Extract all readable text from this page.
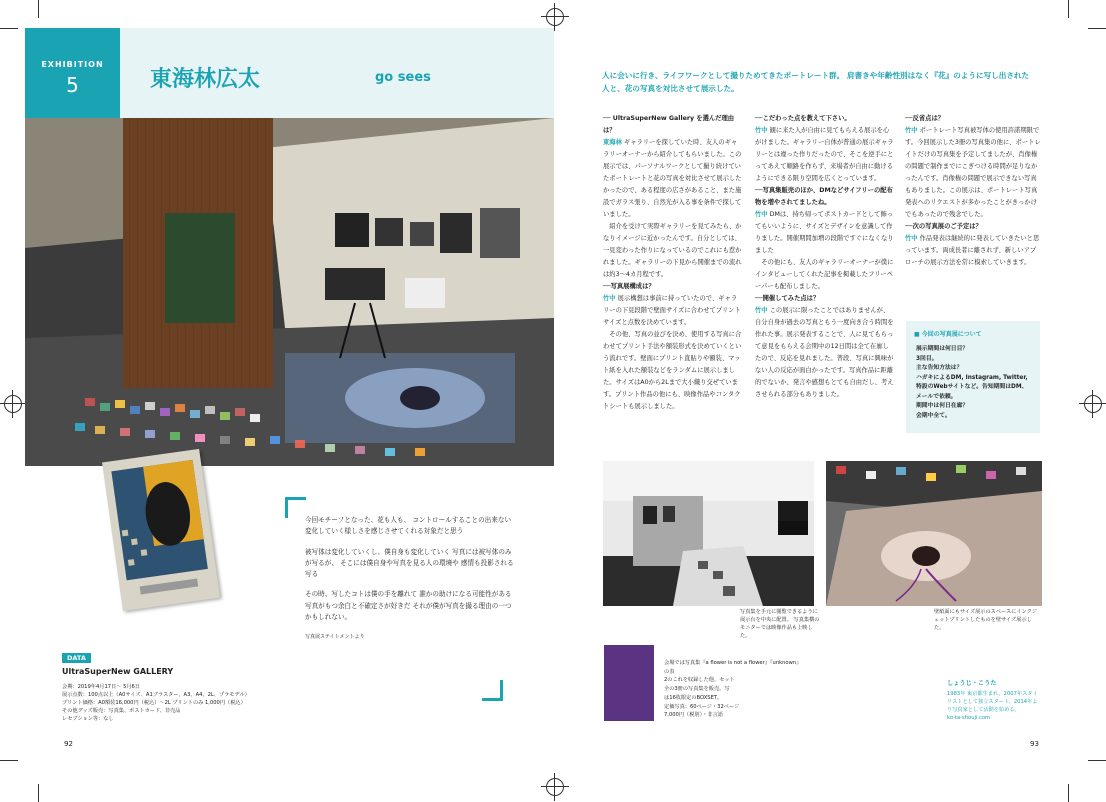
EXHIBITION
5	東海林広太	go sees

今回モチーフとなった、花も人も、 コントロールすることの出来ない 変化していく様しさを感じさせてくれる対象だと思う

被写体は変化していくし、僕自身も変化していく 写真には被写体のみが写るが、 そこには僕自身や写真を見る人の環境や 感情も投影される写る

その時、写したコトは僕の手を離れて 誰かの助けになる可能性がある 写真がもつ余白と不確定さが好きだ それが僕が写真を撮る理由の一つかもしれない。

写真展ステイトメントより

DATA
UltraSuperNew GALLERY
会期：2019年4月17日〜 5月6日
展示点数：100点以上（A0サイズ、A1ブラスター、A3、A4、2L、プラモデル）
プリント価格：A0額装16,000円（税込）〜2L プリントのみ 1,000円（税込）
その他グッズ販売：写真集、ポストカード、非売品
レセプション等：なし
92
人に会いに行き、ライフワークとして撮りためてきたポートレート群。 肩書きや年齢性別はなく『花』のように写し出された人と、花の写真を対比させて展示した。

── UltraSuperNew Gallery を選んだ理由は？

東海林 ギャラリーを探していた時、友人のギャラリーオーナーから紹介してもらいました。この展示では、パーソナルワークとして撮り続けていたポートレートと花の写真を対比させて展示したかったので、ある程度の広さがあること、また施設でガラス張り、自然光が入る事を条件で探していました。

　紹介を受けて実際ギャラリーを見てみたら、かなりイメージに近かったんです。自分としては、一見変わった作りになっているのでこれにも惹かれました。ギャラリーの下見から開催までの流れは約3〜4カ月程です。

──写真展構成は？

竹中 展示構想は事前に持っていたので、ギャラリーの下見段階で壁面サイズに合わせてプリントサイズと点数を決めています。

　その他、写真の並びを決め、使用する写真に合わせてプリント手法や額装形式を決めていくという流れです。壁面にプリント直貼りや額装、マット紙を入れた額装などをランダムに展示しました。サイズはA0から2Lまで大小織り交ぜています。プリント作品の他にも、映像作品やコンタクトシートも展示しました。

──こだわった点を教えて下さい。

竹中 観に来た人が自由に見てもらえる展示を心がけました。ギャラリー自体が普通の展示ギャラリーとは違った作りだったので、そこを逆手にとってあえて順路を作らず、来場者が自由に動けるようにできる限り空間を広くとっています。

──写真集販売のほか、DMなどサイフリーの配布物を増やされてましたね。

竹中 DMは、持ち帰ってポストカードとして飾ってもいいように、サイズとデザインを意識して作りました。開催期間加増の段階ですぐになくなりました

　その他にも、友人のギャラリーオーナーが僕にインタビューしてくれた記事を掲載したフリーペーパーも配布しました。

──開催してみた点は？

竹中 この展示に限ったことではありませんが、自分自身が過去の写真ともう一度向き合う時間を作れた事。展示発表することで、人に見てもらって意見をもらえる会期中の12日間は全て在廊したので、反応を見れました。普段、写真に興味がない人の反応が面白かったです。写真作品に距離的でないか、発言や感想もとても自由だし、考えさせられる部分もありました。

──反省点は？

竹中 ポートレート写真被写体の使用許諾期限です。今回展示した3冊の写真集の他に、ポートレイトだけの写真集を予定してましたが、肖像権の問題で制作までにこぎつける時間が足りなかったんです。肖像権の問題で展示できない写真もありました。この展示は、ポートレート写真発表へのリクエストが多かったことがきっかけでもあったので残念でした。

──次の写真展のご予定は？

竹中 作品発表は継続的に発表していきたいと思っています。両成長者に離されず、新しいアプローチの展示方法を常に模索していきます。

■ 今回の写真展について
展示期間は何日目？
3回目。
主な告知方法は？
ハガキによるDM, Instagram, Twitter,
特設のWebサイトなど。告知期間はDM、
メールで依頼。
期間中は何日在廊？
会期中全て。
写真集を手元に閲覧できるように展示台を中央に配置。 写真集横のモニターでは映像作品も上映した。
壁紙面にもサイズ展示のスペースにインクジェットプリントしたものを壁サイズ展示した。
会場では写真集『a flower is not a flower』『unknown』の表
2のこれを収録した他、セット
全の3冊の写真集を販売。写
は16枚限定のBOXSET。
定価写真：60ページ・32ページ
7,000円（税別）・非言語
しょうじ・こうた
1983年 東京都生まれ。2007年スタイリストとして独立スタート。2014年より写真家として活動を始める。
ko-ta-shouji.com
93
